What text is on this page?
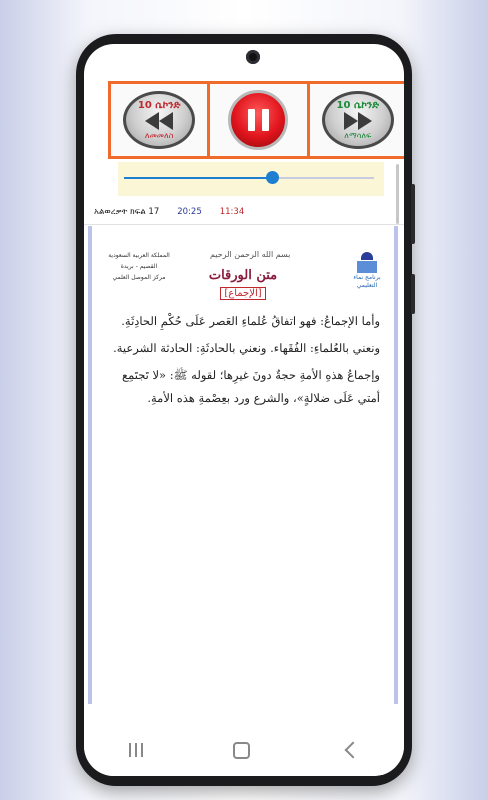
10 ሴኮንድ
ለመመለስ
10 ሴኮንድ
ለማሳለፍ
አልወረቃት ክፍል 17 20:25 11:34
المملكة العربية السعودية
القصيم - بريدة
مركز الموصل العلمي
بسم الله الرحمن الرحيم
برنامج نماء التعليمي
متن الورقات
[الإجماع]

وأما الإجماعُ: فهو اتفاقُ عُلماءِ العَصر عَلَى حُكْمِ الحادِثَةِ.

ونعني بالعُلماءِ: الفُقَهاء. ونعني بالحادثَةِ: الحادثة الشرعية.

وإجماعُ هذهِ الأمةِ حجةٌ دونَ غيرِها؛ لقوله ﷺ: «لا تَجتَمِع أمتي عَلَى ضلالةٍ»، والشرع ورد بعِصْمةِ هذه الأمةِ.
